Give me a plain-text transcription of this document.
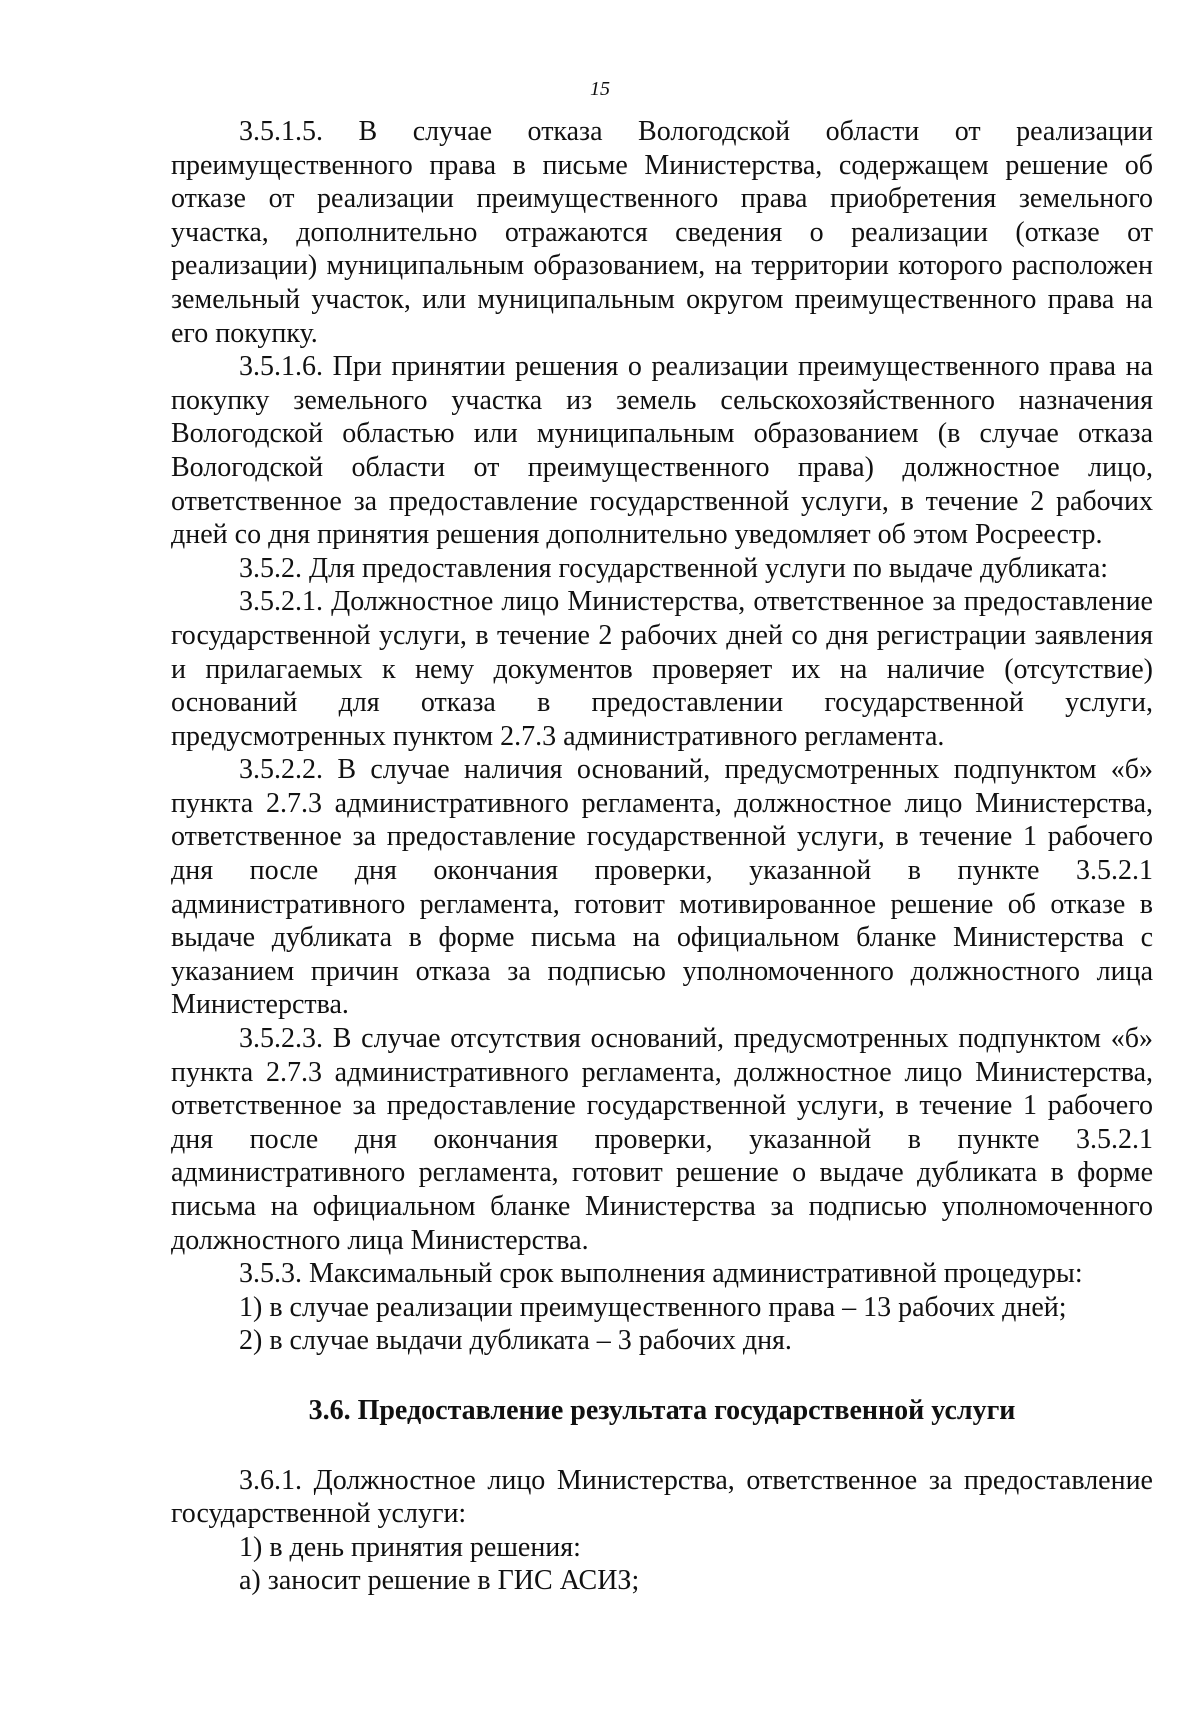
15

3.5.1.5. В случае отказа Вологодской области от реализации преимущественного права в письме Министерства, содержащем решение об отказе от реализации преимущественного права приобретения земельного участка, дополнительно отражаются сведения о реализации (отказе от реализации) муниципальным образованием, на территории которого расположен земельный участок, или муниципальным округом преимущественного права на его покупку.

3.5.1.6. При принятии решения о реализации преимущественного права на покупку земельного участка из земель сельскохозяйственного назначения Вологодской областью или муниципальным образованием (в случае отказа Вологодской области от преимущественного права) должностное лицо, ответственное за предоставление государственной услуги, в течение 2 рабочих дней со дня принятия решения дополнительно уведомляет об этом Росреестр.

3.5.2. Для предоставления государственной услуги по выдаче дубликата:

3.5.2.1. Должностное лицо Министерства, ответственное за предоставление государственной услуги, в течение 2 рабочих дней со дня регистрации заявления и прилагаемых к нему документов проверяет их на наличие (отсутствие) оснований для отказа в предоставлении государственной услуги, предусмотренных пунктом 2.7.3 административного регламента.

3.5.2.2. В случае наличия оснований, предусмотренных подпунктом «б» пункта 2.7.3 административного регламента, должностное лицо Министерства, ответственное за предоставление государственной услуги, в течение 1 рабочего дня после дня окончания проверки, указанной в пункте 3.5.2.1 административного регламента, готовит мотивированное решение об отказе в выдаче дубликата в форме письма на официальном бланке Министерства с указанием причин отказа за подписью уполномоченного должностного лица Министерства.

3.5.2.3. В случае отсутствия оснований, предусмотренных подпунктом «б» пункта 2.7.3 административного регламента, должностное лицо Министерства, ответственное за предоставление государственной услуги, в течение 1 рабочего дня после дня окончания проверки, указанной в пункте 3.5.2.1 административного регламента, готовит решение о выдаче дубликата в форме письма на официальном бланке Министерства за подписью уполномоченного должностного лица Министерства.

3.5.3. Максимальный срок выполнения административной процедуры:

1) в случае реализации преимущественного права – 13 рабочих дней;

2) в случае выдачи дубликата – 3 рабочих дня.

3.6. Предоставление результата государственной услуги

3.6.1. Должностное лицо Министерства, ответственное за предоставление государственной услуги:

1) в день принятия решения:

а) заносит решение в ГИС АСИЗ;
